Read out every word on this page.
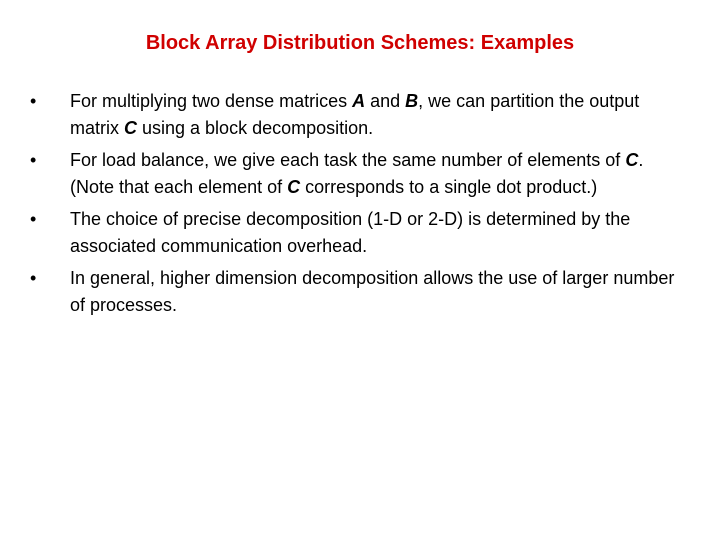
Block Array Distribution Schemes: Examples
•	For multiplying two dense matrices A and B, we can partition the output matrix C using a block decomposition.
•	For load balance, we give each task the same number of elements of C. (Note that each element of C corresponds to a single dot product.)
•	The choice of precise decomposition (1-D or 2-D) is determined by the associated communication overhead.
•	In general, higher dimension decomposition allows the use of larger number of processes.
